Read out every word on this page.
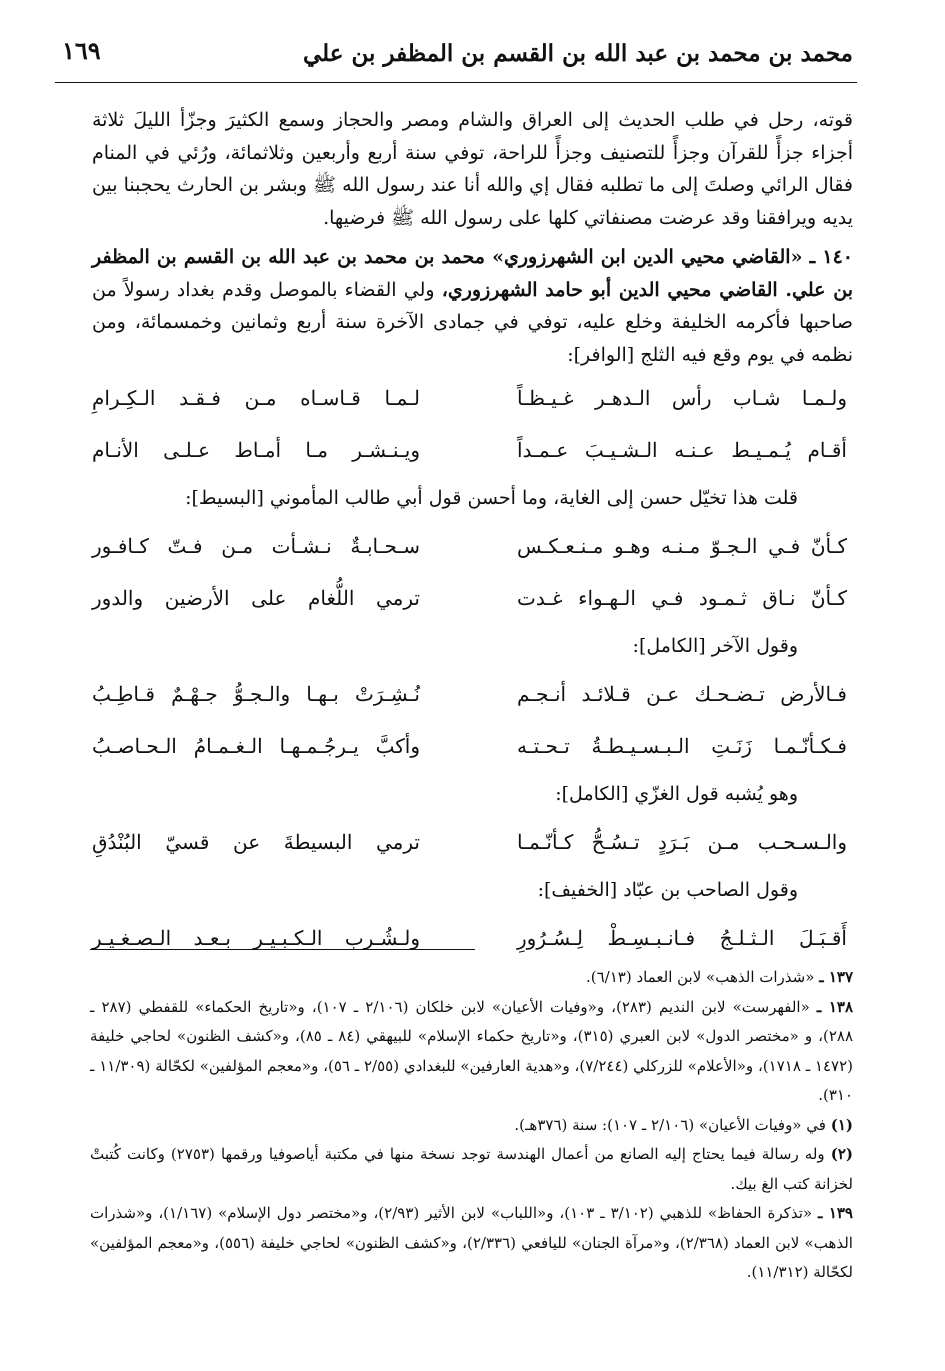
محمد بن محمد بن عبد الله بن القسم بن المظفر بن علي
١٦٩

قوته، رحل في طلب الحديث إلى العراق والشام ومصر والحجاز وسمع الكثيرَ وجزّأ الليلَ ثلاثة أجزاء جزأً للقرآن وجزأً للتصنيف وجزأً للراحة، توفي سنة أربع وأربعين وثلاثمائة، ورُئي في المنام فقال الرائي وصلتَ إلى ما تطلبه فقال إي والله أنا عند رسول الله ﷺ وبشر بن الحارث يحجبنا بين يديه ويرافقنا وقد عرضت مصنفاتي كلها على رسول الله ﷺ فرضيها.

١٤٠ ـ «القاضي محيي الدين ابن الشهرزوري» محمد بن محمد بن عبد الله بن القسم بن المظفر بن علي. القاضي محيي الدين أبو حامد الشهرزوري، ولي القضاء بالموصل وقدم بغداد رسولاً من صاحبها فأكرمه الخليفة وخلع عليه، توفي في جمادى الآخرة سنة أربع وثمانين وخمسمائة، ومن نظمه في يوم وقع فيه الثلج [الوافر]:

ولـمـا شـاب رأس الـدهـر غـيـظـاً
لـمـا قـاسـاه مـن فـقـد الـكِـرامِ
أقـام يُـمـيـط عـنـه الـشـيـبَ عـمـداً
ويـنـشـر مـا أمـاط عـلـى الأنـام

قلت هذا تخيّل حسن إلى الغاية، وما أحسن قول أبي طالب المأموني [البسيط]:

كـأنّ فـي الـجـوّ مـنـه وهـو مـنـعـكـس
سـحـابـةٌ نـشـأت مـن فـتّ كـافـور
كـأنّ نـاق ثـمـود فـي الـهـواء غـدت
ترمي اللُّغام على الأرضين والدور

وقول الآخر [الكامل]:

فـالأرض تـضـحـك عـن قـلائـد أنـجـم
نُـشِـرَتْ بـهـا والـجـوُّ جـهْـمٌ قـاطِـبُ
فـكـأنّـمـا زَنَـتِ الـبـسـيـطـةُ تـحـتـه
وأكبَّ يـرجُـمـهـا الـغـمـامُ الـحـاصـبُ

وهو يُشبه قول الغزّي [الكامل]:

والـسـحـب مـن بَـرَدٍ تـسُـحُّ كـأنّـمـا
ترمي البسيطةَ عن قسيّ البُنْدُقِ

وقول الصاحب بن عبّاد [الخفيف]:

أَقـبَـلَ الـثـلـجُ فـانـبـسِـطْ لِـسُـرُورِ
ولـشُـرب الـكـبـيـر بـعـد الـصـغـيـر

١٣٧ ـ «شذرات الذهب» لابن العماد (٦/١٣).

١٣٨ ـ «الفهرست» لابن النديم (٢٨٣)، و«وفيات الأعيان» لابن خلكان (٢/١٠٦ ـ ١٠٧)، و«تاريخ الحكماء» للقفطي (٢٨٧ ـ ٢٨٨)، و «مختصر الدول» لابن العبري (٣١٥)، و«تاريخ حكماء الإسلام» للبيهقي (٨٤ ـ ٨٥)، و«كشف الظنون» لحاجي خليفة (١٤٧٢ ـ ١٧١٨)، و«الأعلام» للزركلي (٧/٢٤٤)، و«هدية العارفين» للبغدادي (٢/٥٥ ـ ٥٦)، و«معجم المؤلفين» لكحّالة (١١/٣٠٩ ـ ٣١٠).

(١) في «وفيات الأعيان» (٢/١٠٦ ـ ١٠٧): سنة (٣٧٦هـ).

(٢) وله رسالة فيما يحتاج إليه الصانع من أعمال الهندسة توجد نسخة منها في مكتبة أياصوفيا ورقمها (٢٧٥٣) وكانت كُتبتْ لخزانة كتب الغ بيك.

١٣٩ ـ «تذكرة الحفاظ» للذهبي (٣/١٠٢ ـ ١٠٣)، و«اللباب» لابن الأثير (٢/٩٣)، و«مختصر دول الإسلام» (١/١٦٧)، و«شذرات الذهب» لابن العماد (٢/٣٦٨)، و«مرآة الجنان» لليافعي (٢/٣٣٦)، و«كشف الظنون» لحاجي خليفة (٥٥٦)، و«معجم المؤلفين» لكحّالة (١١/٣١٢).
